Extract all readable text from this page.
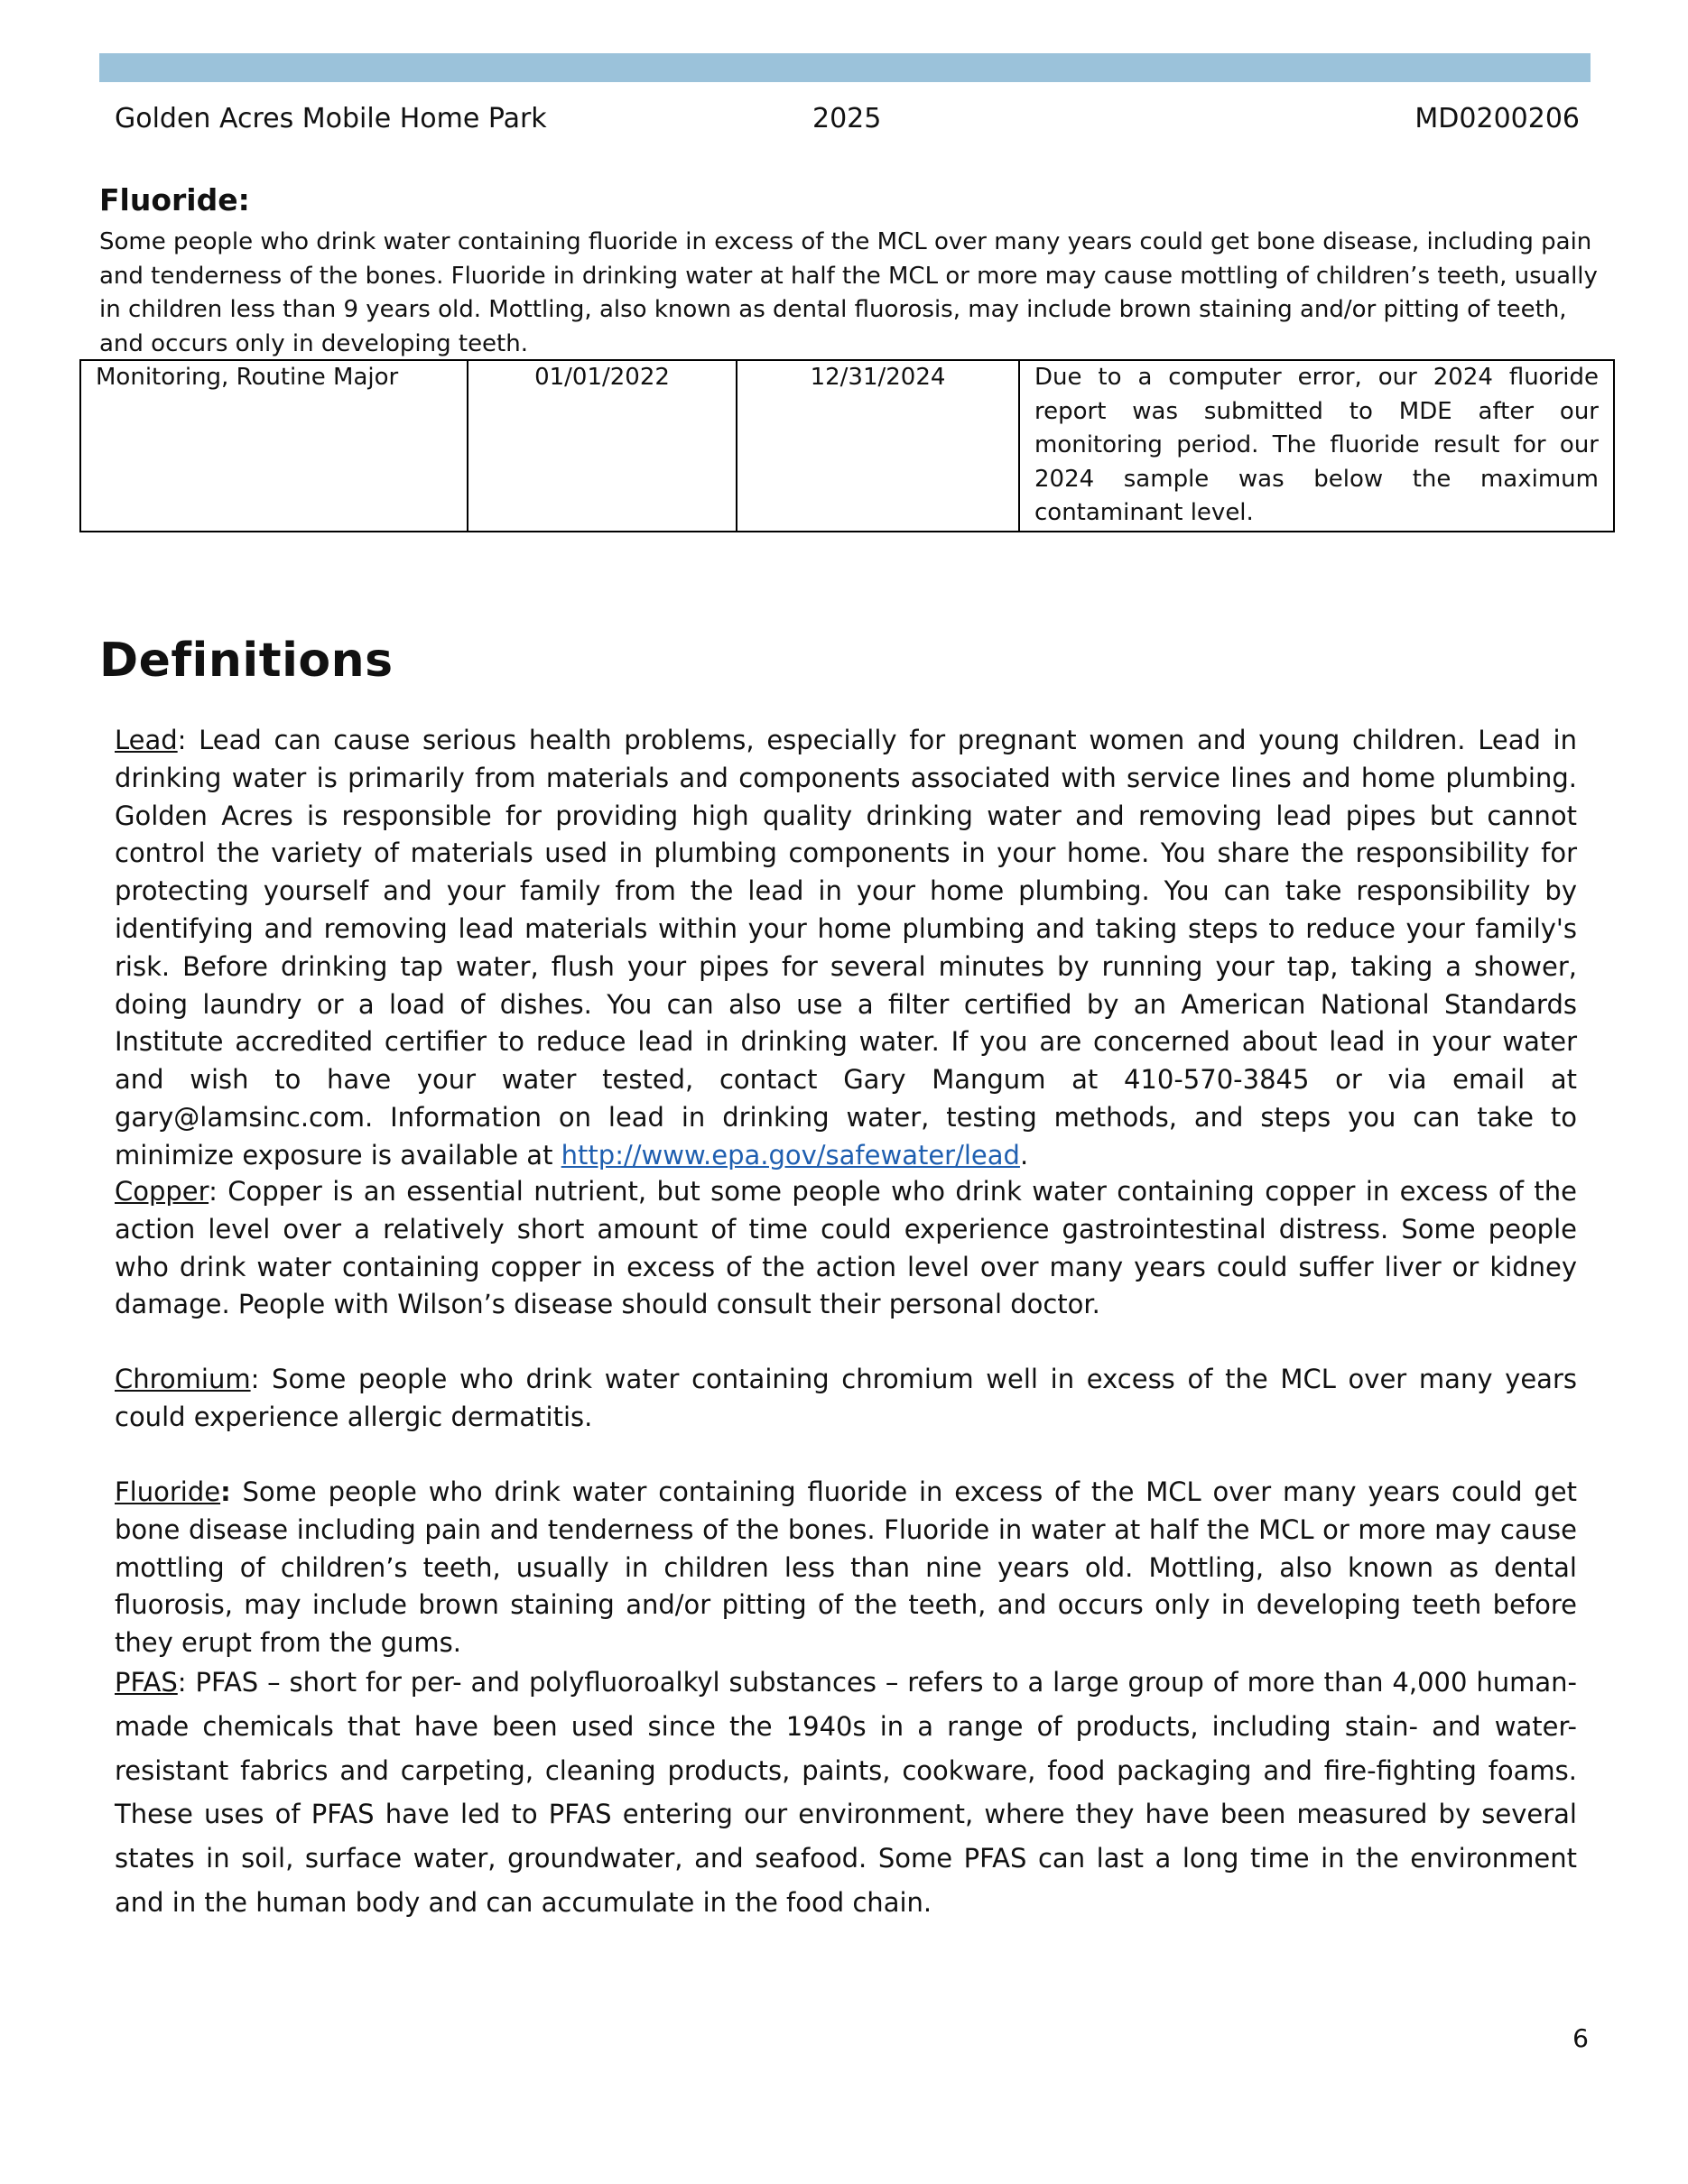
Golden Acres Mobile Home Park	2025	MD0200206
Fluoride:
Some people who drink water containing fluoride in excess of the MCL over many years could get bone disease, including pain and tenderness of the bones. Fluoride in drinking water at half the MCL or more may cause mottling of children’s teeth, usually in children less than 9 years old. Mottling, also known as dental fluorosis, may include brown staining and/or pitting of teeth, and occurs only in developing teeth.
Monitoring, Routine Major	01/01/2022	12/31/2024	Due to a computer error, our 2024 fluoride report was submitted to MDE after our monitoring period. The fluoride result for our 2024 sample was below the maximum contaminant level.
Definitions
Lead: Lead can cause serious health problems, especially for pregnant women and young children. Lead in drinking water is primarily from materials and components associated with service lines and home plumbing. Golden Acres is responsible for providing high quality drinking water and removing lead pipes but cannot control the variety of materials used in plumbing components in your home. You share the responsibility for protecting yourself and your family from the lead in your home plumbing. You can take responsibility by identifying and removing lead materials within your home plumbing and taking steps to reduce your family's risk. Before drinking tap water, flush your pipes for several minutes by running your tap, taking a shower, doing laundry or a load of dishes. You can also use a filter certified by an American National Standards Institute accredited certifier to reduce lead in drinking water. If you are concerned about lead in your water and wish to have your water tested, contact Gary Mangum at 410-570-3845 or via email at gary@lamsinc.com. Information on lead in drinking water, testing methods, and steps you can take to minimize exposure is available at http://www.epa.gov/safewater/lead.
Copper: Copper is an essential nutrient, but some people who drink water containing copper in excess of the action level over a relatively short amount of time could experience gastrointestinal distress. Some people who drink water containing copper in excess of the action level over many years could suffer liver or kidney damage. People with Wilson’s disease should consult their personal doctor.
Chromium: Some people who drink water containing chromium well in excess of the MCL over many years could experience allergic dermatitis.
Fluoride: Some people who drink water containing fluoride in excess of the MCL over many years could get bone disease including pain and tenderness of the bones. Fluoride in water at half the MCL or more may cause mottling of children’s teeth, usually in children less than nine years old. Mottling, also known as dental fluorosis, may include brown staining and/or pitting of the teeth, and occurs only in developing teeth before they erupt from the gums.
PFAS: PFAS – short for per- and polyfluoroalkyl substances – refers to a large group of more than 4,000 human-made chemicals that have been used since the 1940s in a range of products, including stain- and water-resistant fabrics and carpeting, cleaning products, paints, cookware, food packaging and fire-fighting foams. These uses of PFAS have led to PFAS entering our environment, where they have been measured by several states in soil, surface water, groundwater, and seafood. Some PFAS can last a long time in the environment and in the human body and can accumulate in the food chain.
6
